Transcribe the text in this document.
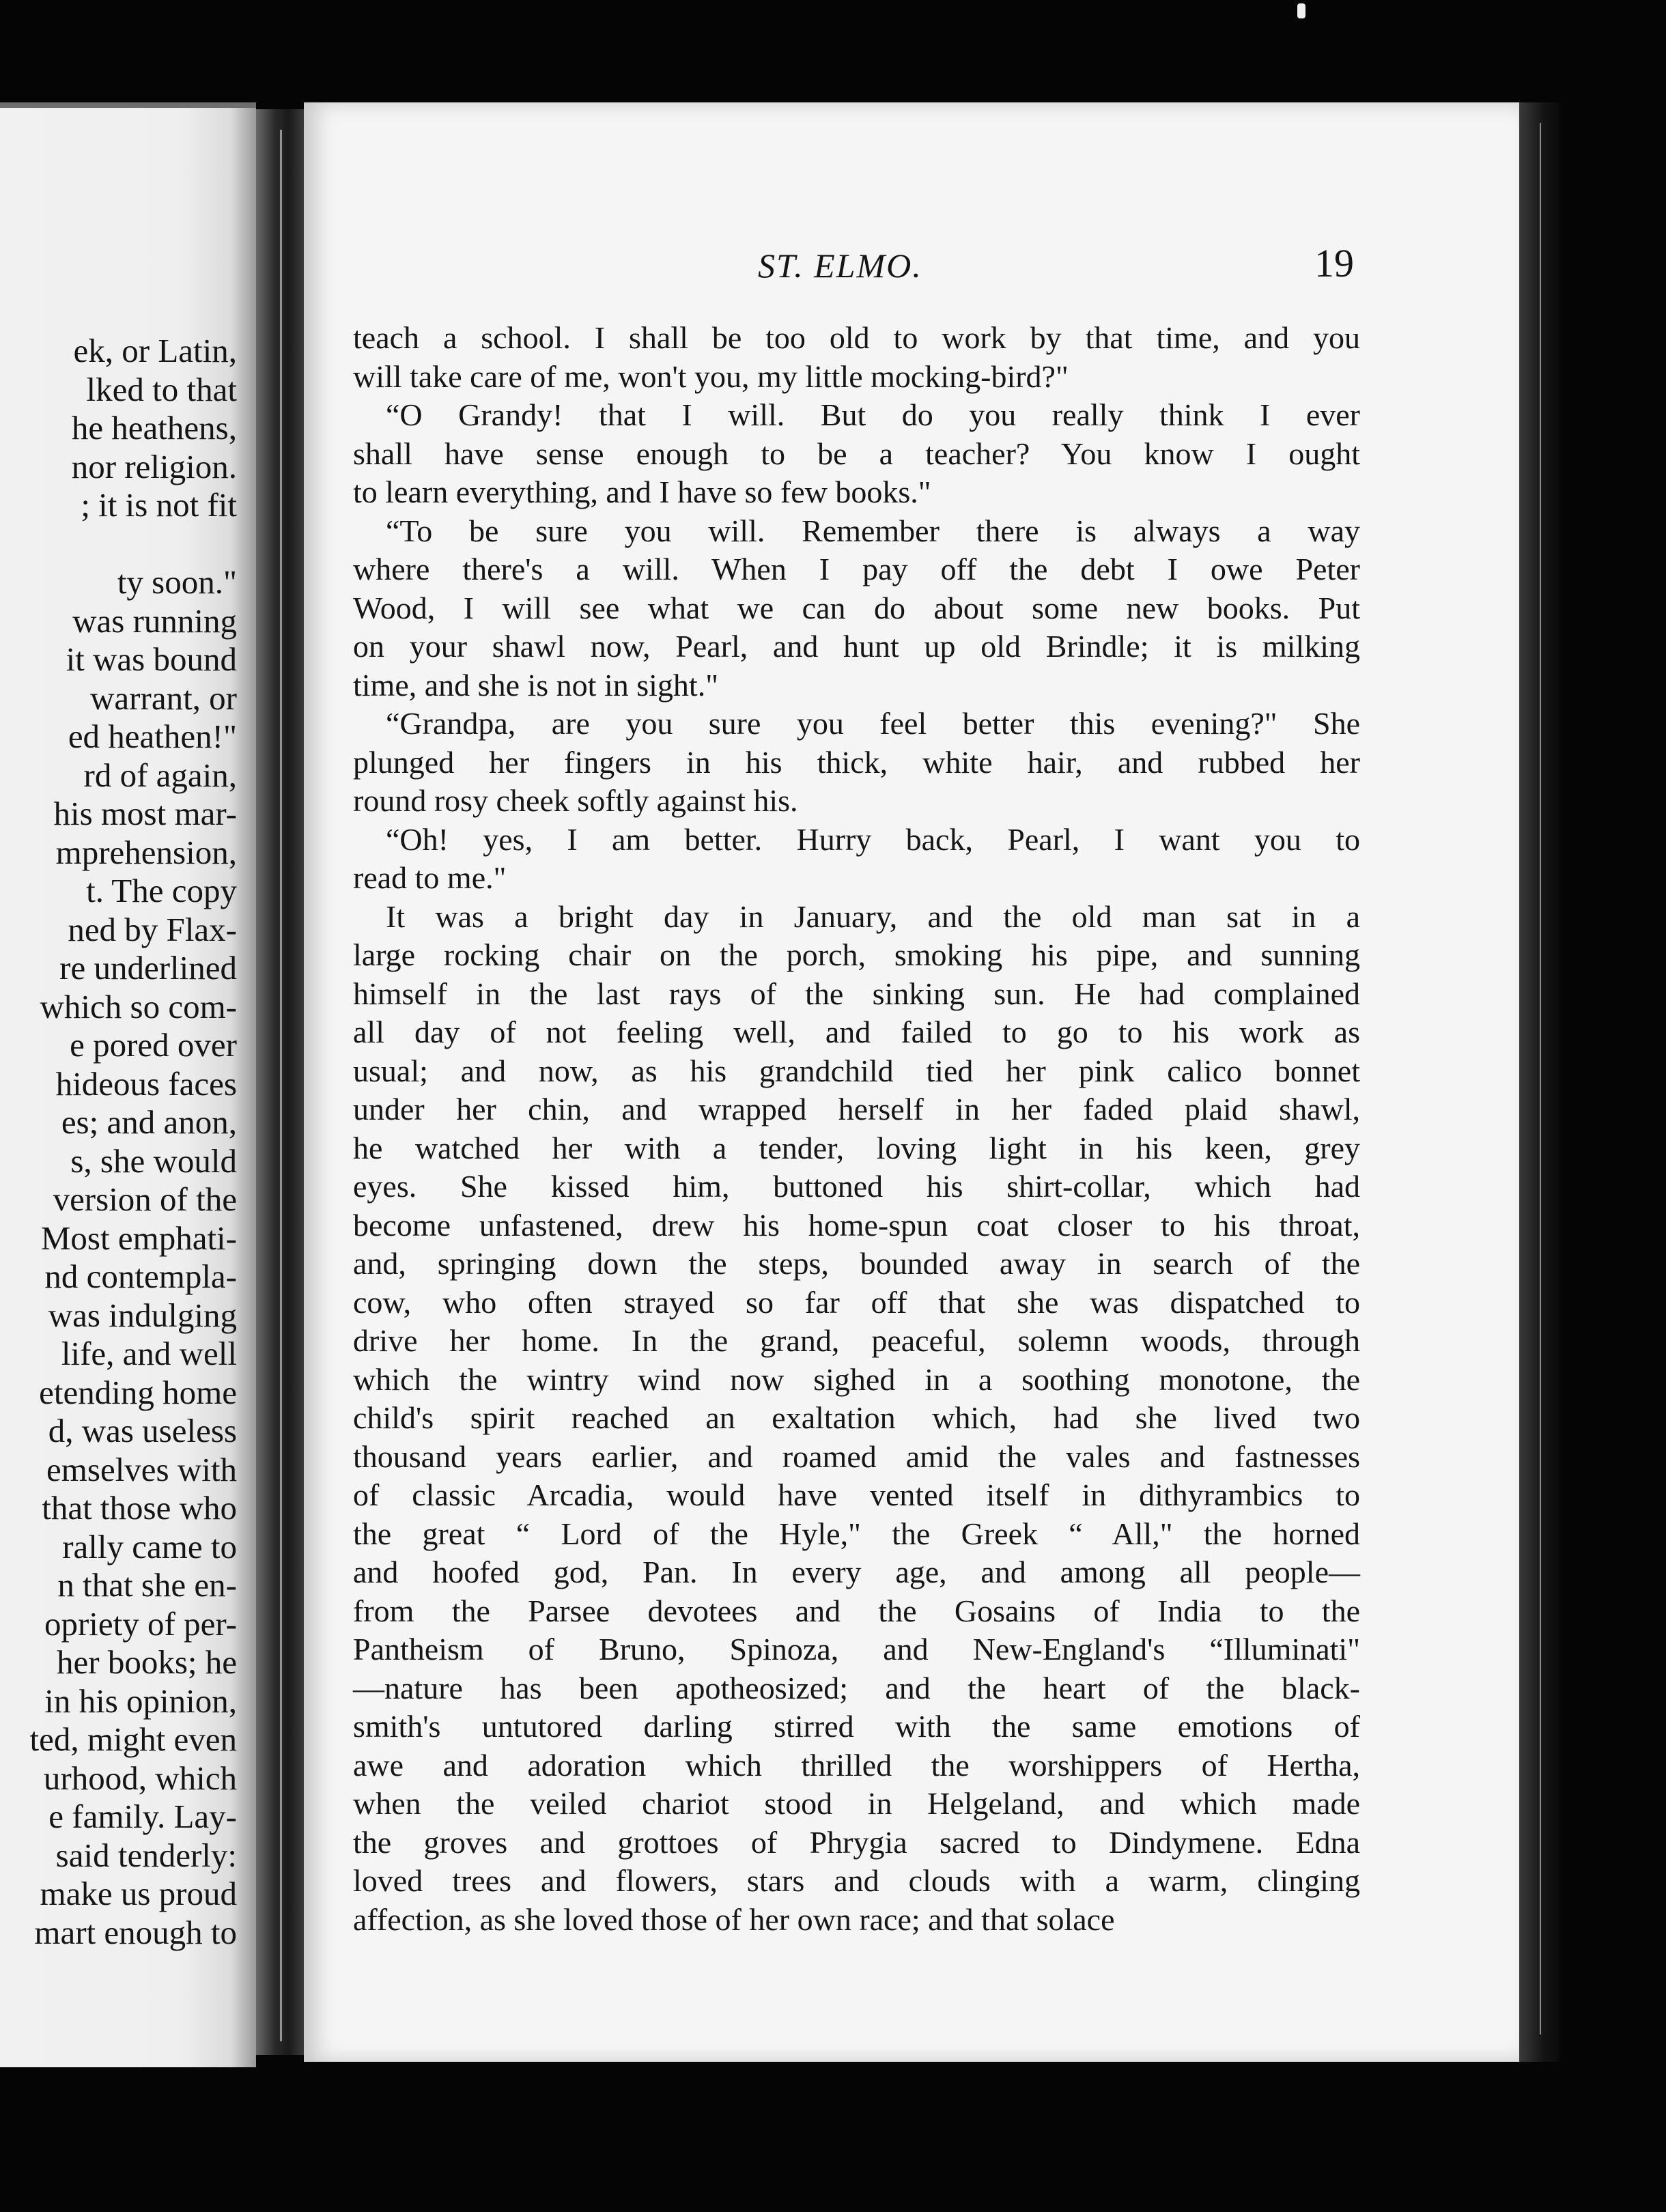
ek, or Latin,
lked to that
he heathens,
nor religion.
; it is not fit
ty soon."
was running
it was bound
warrant, or
ed heathen!"
rd of again,
his most mar-
mprehension,
t. The copy
ned by Flax-
re underlined
which so com-
e pored over
hideous faces
es; and anon,
s, she would
version of the
Most emphati-
nd contempla-
was indulging
life, and well
etending home
d, was useless
emselves with
that those who
rally came to
n that she en-
opriety of per-
her books; he
in his opinion,
ted, might even
urhood, which
e family. Lay-
said tenderly:
make us proud
mart enough to
ST. ELMO.	19
teach a school. I shall be too old to work by that time, and you
will take care of me, won't you, my little mocking-bird?"
“O Grandy! that I will. But do you really think I ever
shall have sense enough to be a teacher? You know I ought
to learn everything, and I have so few books."
“To be sure you will. Remember there is always a way
where there's a will. When I pay off the debt I owe Peter
Wood, I will see what we can do about some new books. Put
on your shawl now, Pearl, and hunt up old Brindle; it is milking
time, and she is not in sight."
“Grandpa, are you sure you feel better this evening?" She
plunged her fingers in his thick, white hair, and rubbed her
round rosy cheek softly against his.
“Oh! yes, I am better. Hurry back, Pearl, I want you to
read to me."
It was a bright day in January, and the old man sat in a
large rocking chair on the porch, smoking his pipe, and sunning
himself in the last rays of the sinking sun. He had complained
all day of not feeling well, and failed to go to his work as
usual; and now, as his grandchild tied her pink calico bonnet
under her chin, and wrapped herself in her faded plaid shawl,
he watched her with a tender, loving light in his keen, grey
eyes. She kissed him, buttoned his shirt-collar, which had
become unfastened, drew his home-spun coat closer to his throat,
and, springing down the steps, bounded away in search of the
cow, who often strayed so far off that she was dispatched to
drive her home. In the grand, peaceful, solemn woods, through
which the wintry wind now sighed in a soothing monotone, the
child's spirit reached an exaltation which, had she lived two
thousand years earlier, and roamed amid the vales and fastnesses
of classic Arcadia, would have vented itself in dithyrambics to
the great “ Lord of the Hyle," the Greek “ All," the horned
and hoofed god, Pan. In every age, and among all people—
from the Parsee devotees and the Gosains of India to the
Pantheism of Bruno, Spinoza, and New-England's “Illuminati"
—nature has been apotheosized; and the heart of the black-
smith's untutored darling stirred with the same emotions of
awe and adoration which thrilled the worshippers of Hertha,
when the veiled chariot stood in Helgeland, and which made
the groves and grottoes of Phrygia sacred to Dindymene. Edna
loved trees and flowers, stars and clouds with a warm, clinging
affection, as she loved those of her own race; and that solace
